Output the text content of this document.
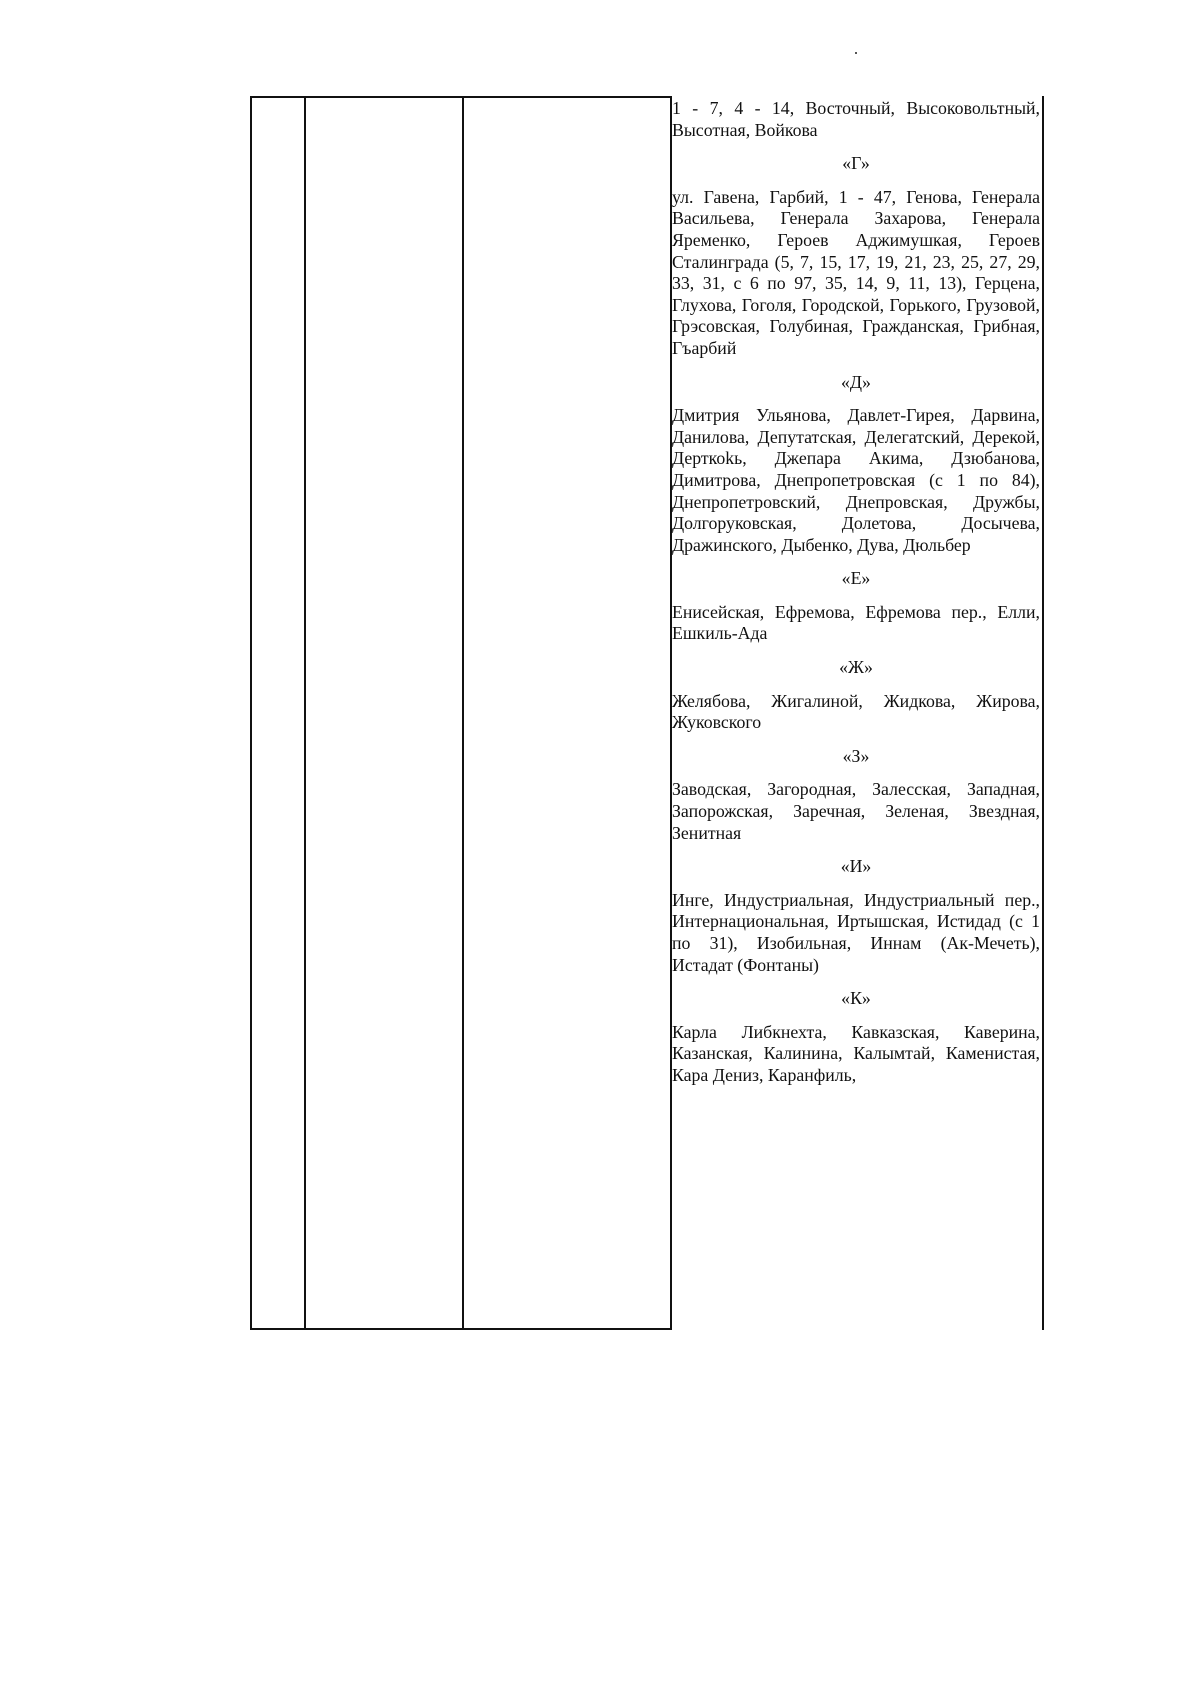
1 - 7, 4 - 14, Восточный, Высоковольтный, Высотная, Войкова

«Г»

ул. Гавена, Гарбий, 1 - 47, Генова, Генерала Васильева, Генерала Захарова, Генерала Яременко, Героев Аджимушкая, Героев Сталинграда (5, 7, 15, 17, 19, 21, 23, 25, 27, 29, 33, 31, с 6 по 97, 35, 14, 9, 11, 13), Герцена, Глухова, Гоголя, Городской, Горького, Грузовой, Грэсовская, Голубиная, Гражданская, Грибная, Гъарбий

«Д»

Дмитрия Ульянова, Давлет-Гирея, Дарвина, Данилова, Депутатская, Делегатский, Дерекой, Дерткоkь, Джепара Акима, Дзюбанова, Димитрова, Днепропетровская (с 1 по 84), Днепропетровский, Днепровская, Дружбы, Долгоруковская, Долетова, Досычева, Дражинского, Дыбенко, Дува, Дюльбер

«Е»

Енисейская, Ефремова, Ефремова пер., Елли, Ешкиль-Ада

«Ж»

Желябова, Жигалиной, Жидкова, Жирова, Жуковского

«З»

Заводская, Загородная, Залесская, Западная, Запорожская, Заречная, Зеленая, Звездная, Зенитная

«И»

Инге, Индустриальная, Индустриальный пер., Интернациональная, Иртышская, Истидад (с 1 по 31), Изобильная, Иннам (Ак-Мечеть), Истадат (Фонтаны)

«К»

Карла Либкнехта, Кавказская, Каверина, Казанская, Калинина, Калымтай, Каменистая, Кара Дениз, Каранфиль,
